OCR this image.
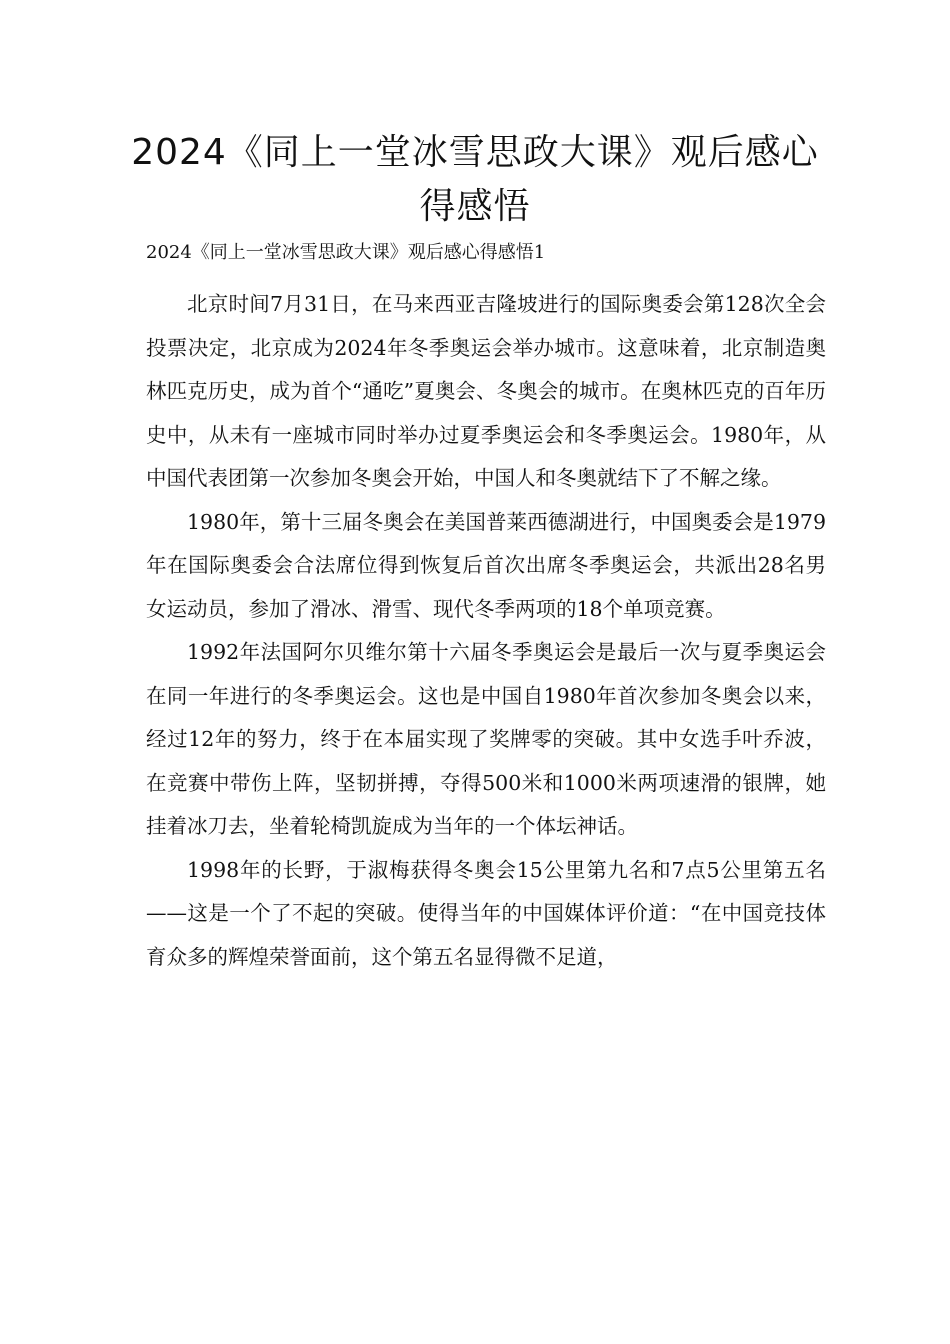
2024《同上一堂冰雪思政大课》观后感心得感悟

2024《同上一堂冰雪思政大课》观后感心得感悟1

北京时间7月31日，在马来西亚吉隆坡进行的国际奥委会第128次全会投票决定，北京成为2024年冬季奥运会举办城市。这意味着，北京制造奥林匹克历史，成为首个“通吃”夏奥会、冬奥会的城市。在奥林匹克的百年历史中，从未有一座城市同时举办过夏季奥运会和冬季奥运会。1980年，从中国代表团第一次参加冬奥会开始，中国人和冬奥就结下了不解之缘。

1980年，第十三届冬奥会在美国普莱西德湖进行，中国奥委会是1979年在国际奥委会合法席位得到恢复后首次出席冬季奥运会，共派出28名男女运动员，参加了滑冰、滑雪、现代冬季两项的18个单项竞赛。

1992年法国阿尔贝维尔第十六届冬季奥运会是最后一次与夏季奥运会在同一年进行的冬季奥运会。这也是中国自1980年首次参加冬奥会以来，经过12年的努力，终于在本届实现了奖牌零的突破。其中女选手叶乔波，在竞赛中带伤上阵，坚韧拼搏，夺得500米和1000米两项速滑的银牌，她挂着冰刀去，坐着轮椅凯旋成为当年的一个体坛神话。

1998年的长野，于淑梅获得冬奥会15公里第九名和7点5公里第五名——这是一个了不起的突破。使得当年的中国媒体评价道：“在中国竞技体育众多的辉煌荣誉面前，这个第五名显得微不足道，
